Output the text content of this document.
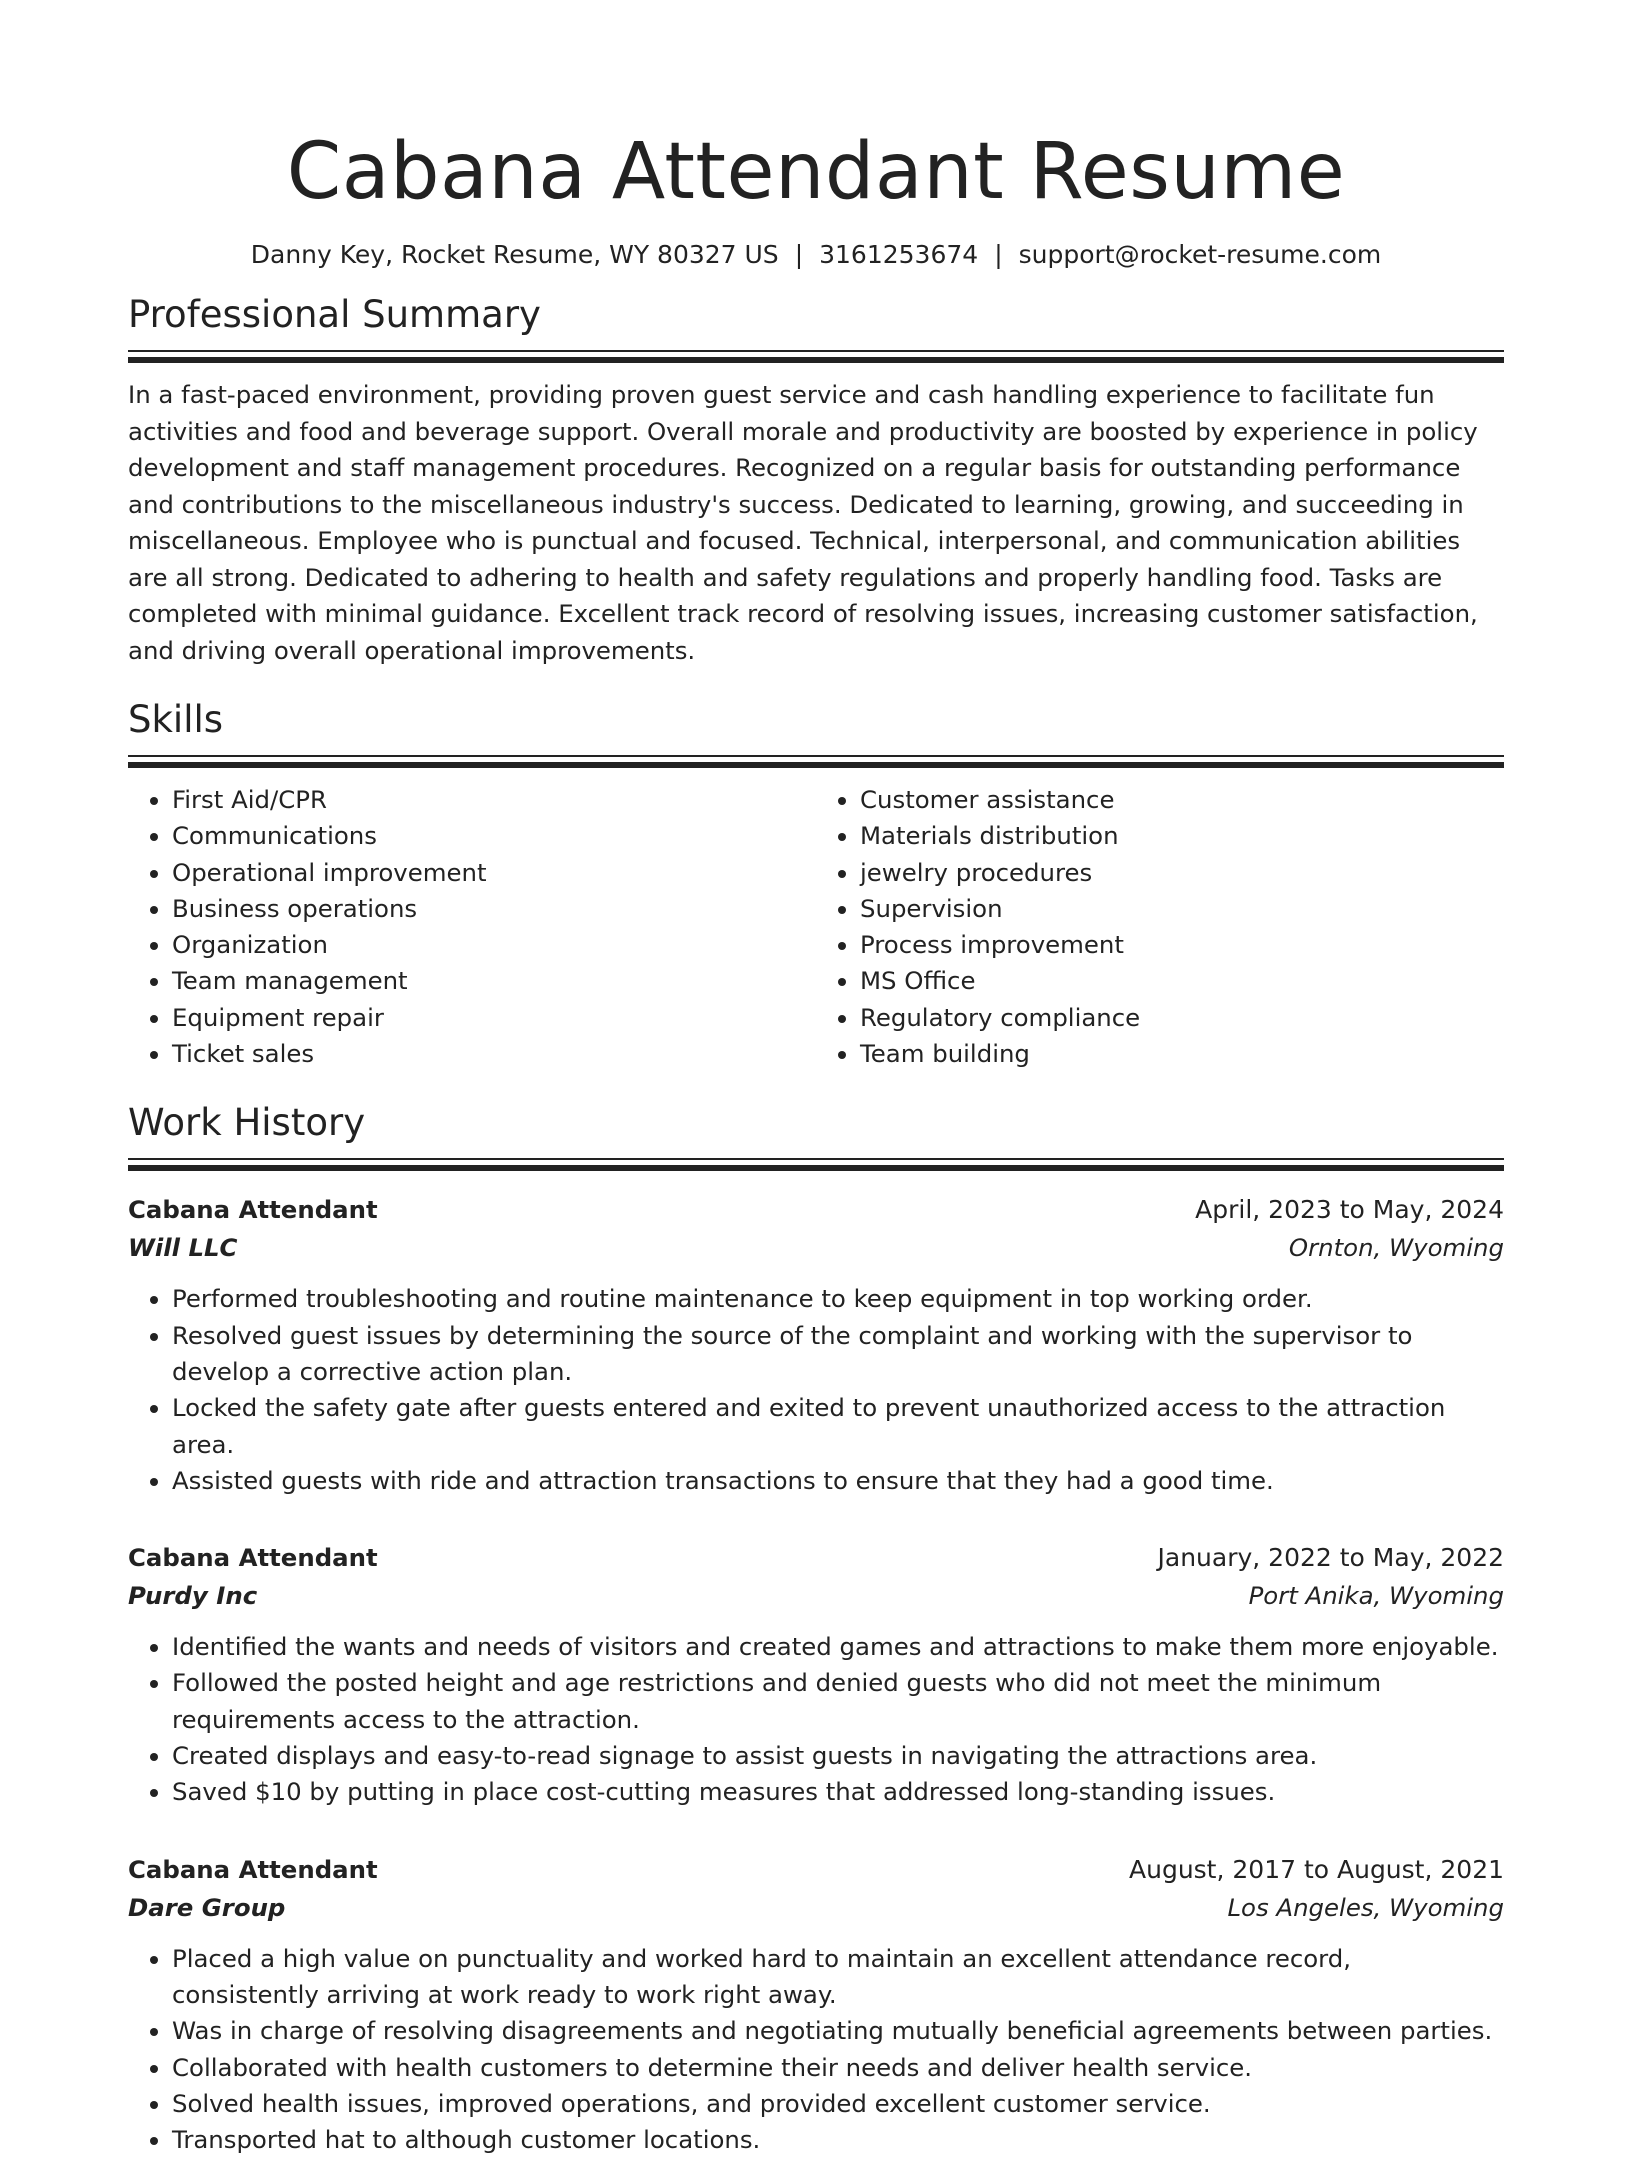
Cabana Attendant Resume
Danny Key, Rocket Resume, WY 80327 US | 3161253674 | support@rocket-resume.com
Professional Summary

In a fast-paced environment, providing proven guest service and cash handling experience to facilitate fun activities and food and beverage support. Overall morale and productivity are boosted by experience in policy development and staff management procedures. Recognized on a regular basis for outstanding performance and contributions to the miscellaneous industry's success. Dedicated to learning, growing, and succeeding in miscellaneous. Employee who is punctual and focused. Technical, interpersonal, and communication abilities are all strong. Dedicated to adhering to health and safety regulations and properly handling food. Tasks are completed with minimal guidance. Excellent track record of resolving issues, increasing customer satisfaction, and driving overall operational improvements.

Skills
• First Aid/CPR
• Communications
• Operational improvement
• Business operations
• Organization
• Team management
• Equipment repair
• Ticket sales
• Customer assistance
• Materials distribution
• jewelry procedures
• Supervision
• Process improvement
• MS Office
• Regulatory compliance
• Team building
Work History
Cabana Attendant	April, 2023 to May, 2024
Will LLC	Ornton, Wyoming
• Performed troubleshooting and routine maintenance to keep equipment in top working order.
• Resolved guest issues by determining the source of the complaint and working with the supervisor to develop a corrective action plan.
• Locked the safety gate after guests entered and exited to prevent unauthorized access to the attraction area.
• Assisted guests with ride and attraction transactions to ensure that they had a good time.
Cabana Attendant	January, 2022 to May, 2022
Purdy Inc	Port Anika, Wyoming
• Identified the wants and needs of visitors and created games and attractions to make them more enjoyable.
• Followed the posted height and age restrictions and denied guests who did not meet the minimum requirements access to the attraction.
• Created displays and easy-to-read signage to assist guests in navigating the attractions area.
• Saved $10 by putting in place cost-cutting measures that addressed long-standing issues.
Cabana Attendant	August, 2017 to August, 2021
Dare Group	Los Angeles, Wyoming
• Placed a high value on punctuality and worked hard to maintain an excellent attendance record, consistently arriving at work ready to work right away.
• Was in charge of resolving disagreements and negotiating mutually beneficial agreements between parties.
• Collaborated with health customers to determine their needs and deliver health service.
• Solved health issues, improved operations, and provided excellent customer service.
• Transported hat to although customer locations.
